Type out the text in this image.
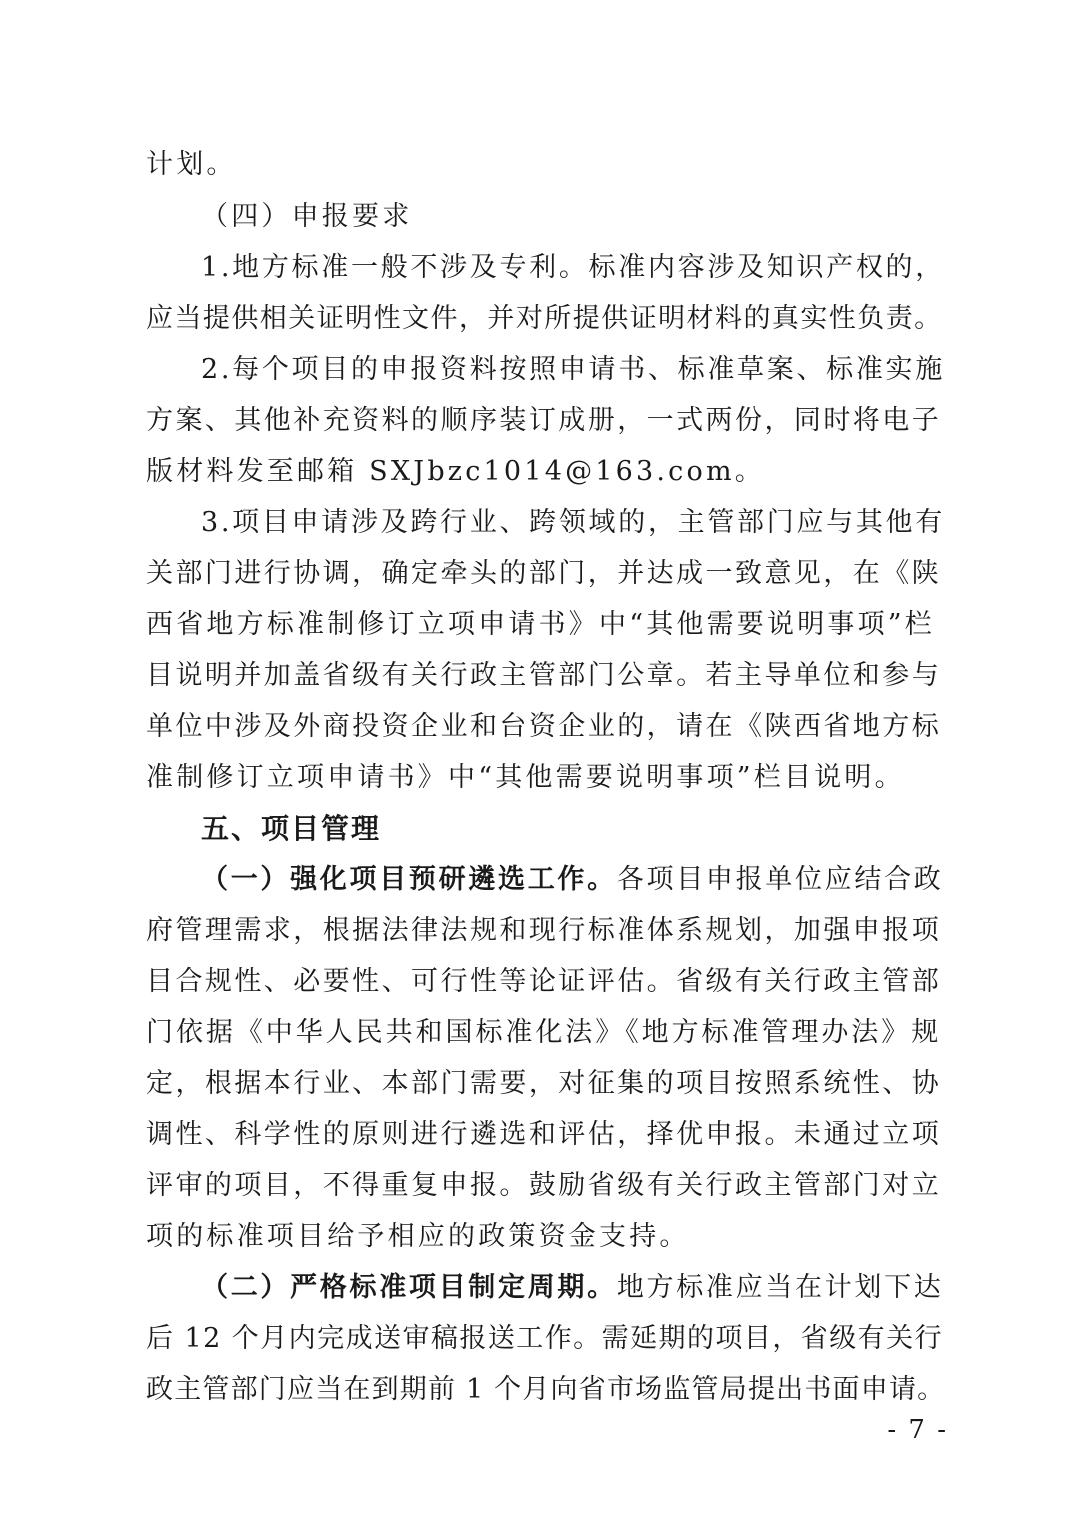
计划。
（四）申报要求
1.地方标准一般不涉及专利。标准内容涉及知识产权的，
应当提供相关证明性文件，并对所提供证明材料的真实性负责。
2.每个项目的申报资料按照申请书、标准草案、标准实施
方案、其他补充资料的顺序装订成册，一式两份，同时将电子
版材料发至邮箱 SXJbzc1014@163.com。
3.项目申请涉及跨行业、跨领域的，主管部门应与其他有
关部门进行协调，确定牵头的部门，并达成一致意见，在《陕
西省地方标准制修订立项申请书》中“其他需要说明事项”栏
目说明并加盖省级有关行政主管部门公章。若主导单位和参与
单位中涉及外商投资企业和台资企业的，请在《陕西省地方标
准制修订立项申请书》中“其他需要说明事项”栏目说明。
五、项目管理
（一）强化项目预研遴选工作。各项目申报单位应结合政
府管理需求，根据法律法规和现行标准体系规划，加强申报项
目合规性、必要性、可行性等论证评估。省级有关行政主管部
门依据《中华人民共和国标准化法》《地方标准管理办法》规
定，根据本行业、本部门需要，对征集的项目按照系统性、协
调性、科学性的原则进行遴选和评估，择优申报。未通过立项
评审的项目，不得重复申报。鼓励省级有关行政主管部门对立
项的标准项目给予相应的政策资金支持。
（二）严格标准项目制定周期。地方标准应当在计划下达
后 12 个月内完成送审稿报送工作。需延期的项目，省级有关行
政主管部门应当在到期前 1 个月向省市场监管局提出书面申请。
- 7 -
